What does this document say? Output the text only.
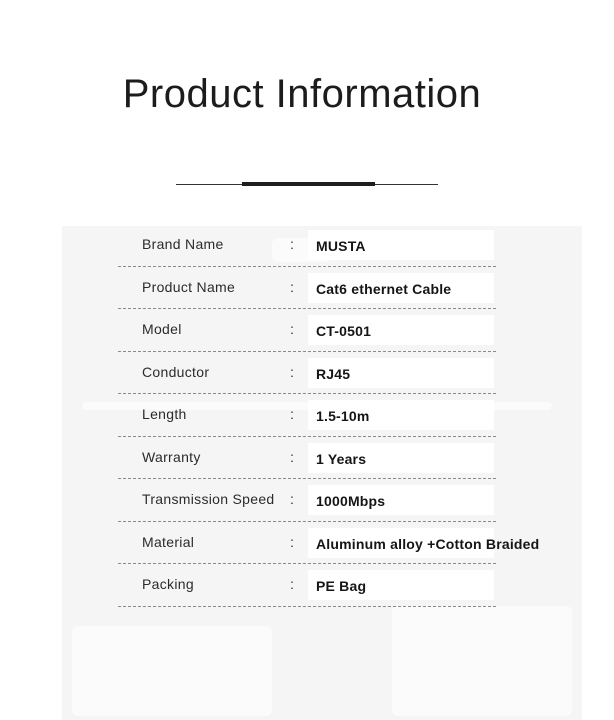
Product Information
Brand Name	: MUSTA
Product Name	: Cat6 ethernet Cable
Model	: CT-0501
Conductor	: RJ45
Length	: 1.5-10m
Warranty	: 1 Years
Transmission Speed : 1000Mbps
Material	: Aluminum alloy +Cotton Braided
Packing	: PE Bag
